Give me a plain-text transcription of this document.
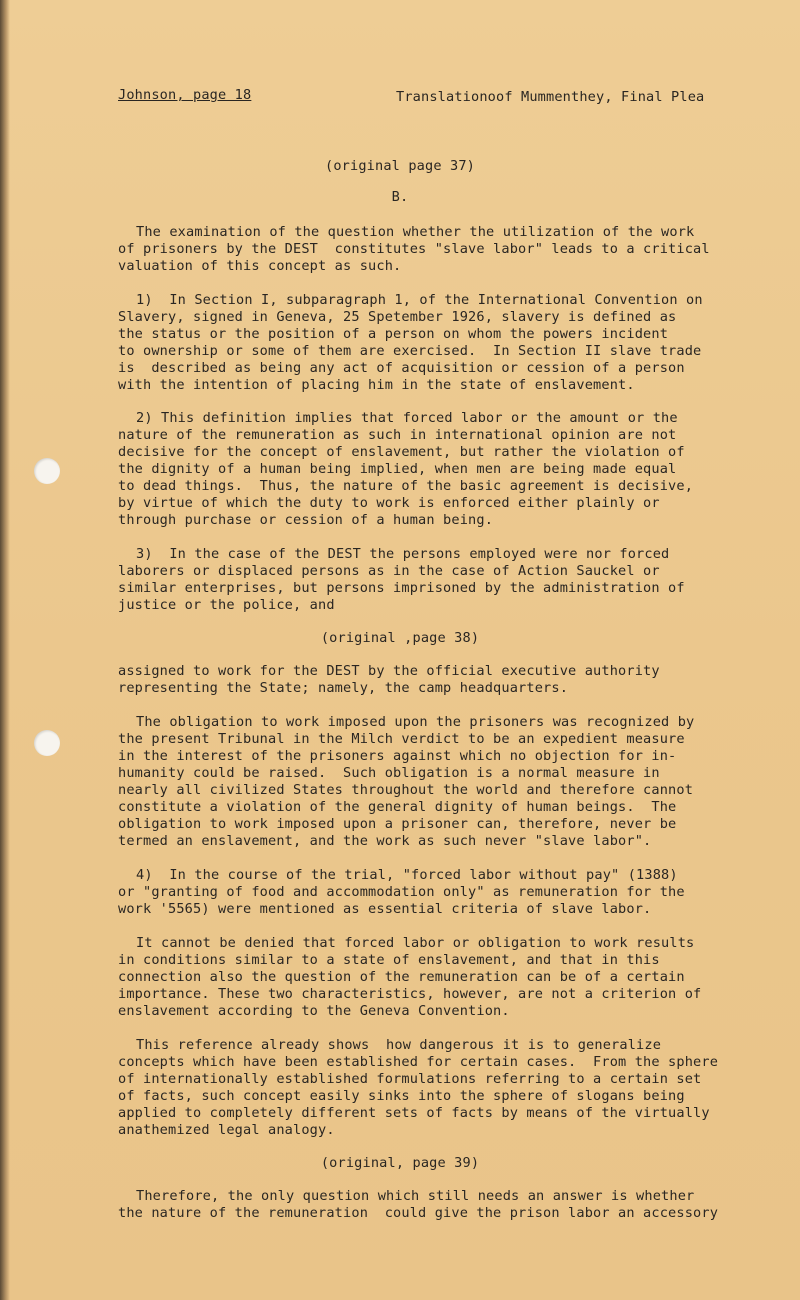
Johnson, page 18	Translationoof Mummenthey, Final Plea
(original page 37)
B.
The examination of the question whether the utilization of the work
of prisoners by the DEST  constitutes "slave labor" leads to a critical
valuation of this concept as such.
1)  In Section I, subparagraph 1, of the International Convention on
Slavery, signed in Geneva, 25 Spetember 1926, slavery is defined as
the status or the position of a person on whom the powers incident
to ownership or some of them are exercised.  In Section II slave trade
is  described as being any act of acquisition or cession of a person
with the intention of placing him in the state of enslavement.
2) This definition implies that forced labor or the amount or the
nature of the remuneration as such in international opinion are not
decisive for the concept of enslavement, but rather the violation of
the dignity of a human being implied, when men are being made equal
to dead things.  Thus, the nature of the basic agreement is decisive,
by virtue of which the duty to work is enforced either plainly or
through purchase or cession of a human being.
3)  In the case of the DEST the persons employed were nor forced
laborers or displaced persons as in the case of Action Sauckel or
similar enterprises, but persons imprisoned by the administration of
justice or the police, and
(original ,page 38)
assigned to work for the DEST by the official executive authority
representing the State; namely, the camp headquarters.
The obligation to work imposed upon the prisoners was recognized by
the present Tribunal in the Milch verdict to be an expedient measure
in the interest of the prisoners against which no objection for in-
humanity could be raised.  Such obligation is a normal measure in
nearly all civilized States throughout the world and therefore cannot
constitute a violation of the general dignity of human beings.  The
obligation to work imposed upon a prisoner can, therefore, never be
termed an enslavement, and the work as such never "slave labor".
4)  In the course of the trial, "forced labor without pay" (1388)
or "granting of food and accommodation only" as remuneration for the
work '5565) were mentioned as essential criteria of slave labor.
It cannot be denied that forced labor or obligation to work results
in conditions similar to a state of enslavement, and that in this
connection also the question of the remuneration can be of a certain
importance. These two characteristics, however, are not a criterion of
enslavement according to the Geneva Convention.
This reference already shows  how dangerous it is to generalize
concepts which have been established for certain cases.  From the sphere
of internationally established formulations referring to a certain set
of facts, such concept easily sinks into the sphere of slogans being
applied to completely different sets of facts by means of the virtually
anathemized legal analogy.
(original, page 39)
Therefore, the only question which still needs an answer is whether
the nature of the remuneration  could give the prison labor an accessory
